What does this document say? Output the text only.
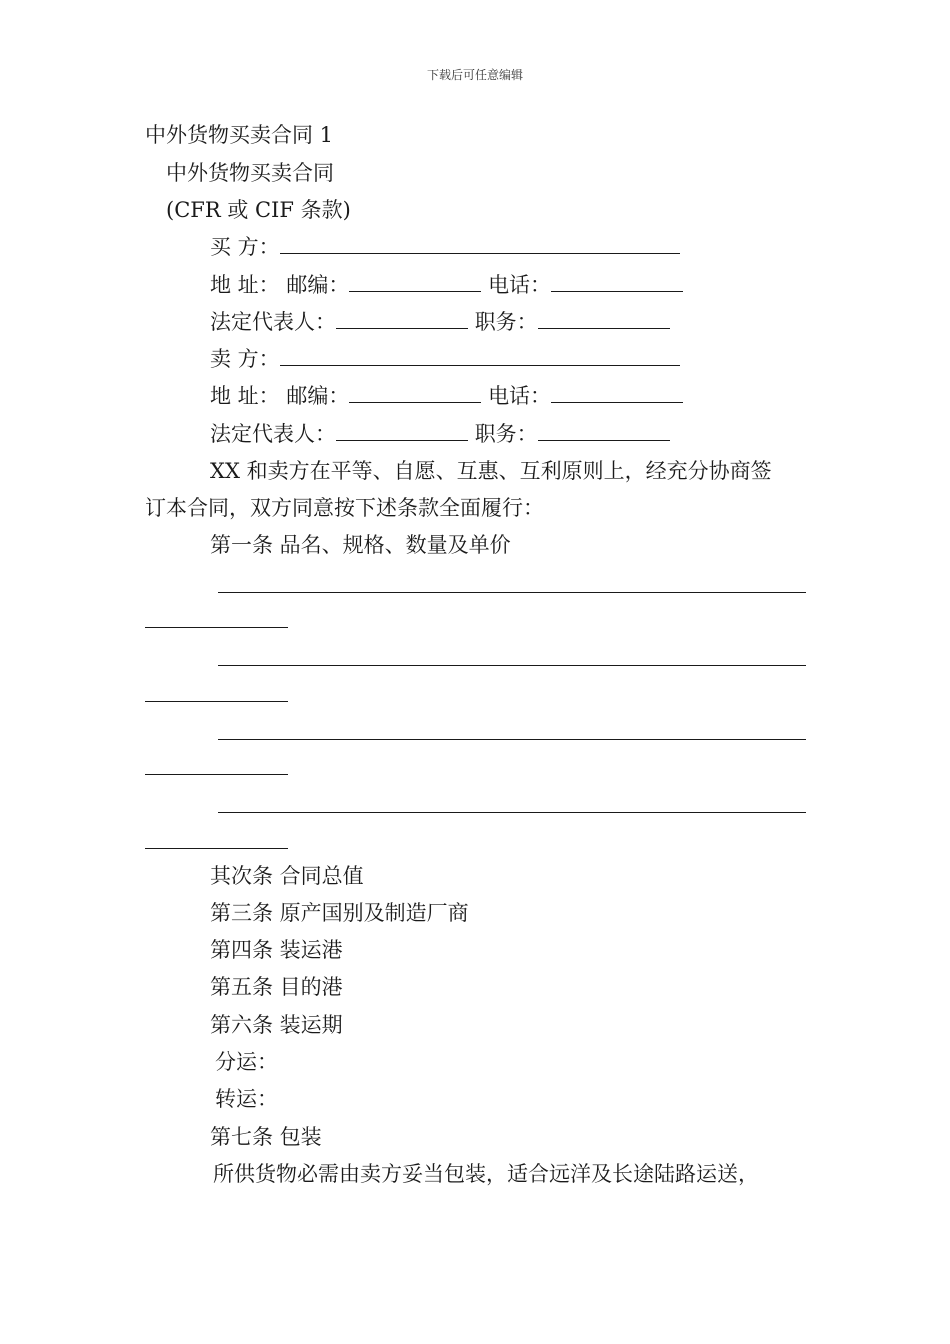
下载后可任意编辑
中外货物买卖合同 1
中外货物买卖合同
(CFR 或 CIF 条款)
买 方：
地 址： 邮编：	电话：
法定代表人：	职务：
卖 方：
地 址： 邮编：	电话：
法定代表人：	职务：
XX 和卖方在平等、自愿、互惠、互利原则上，经充分协商签
订本合同，双方同意按下述条款全面履行：
第一条 品名、规格、数量及单价
其次条 合同总值
第三条 原产国别及制造厂商
第四条 装运港
第五条 目的港
第六条 装运期
分运：
转运：
第七条 包装
所供货物必需由卖方妥当包装，适合远洋及长途陆路运送，
